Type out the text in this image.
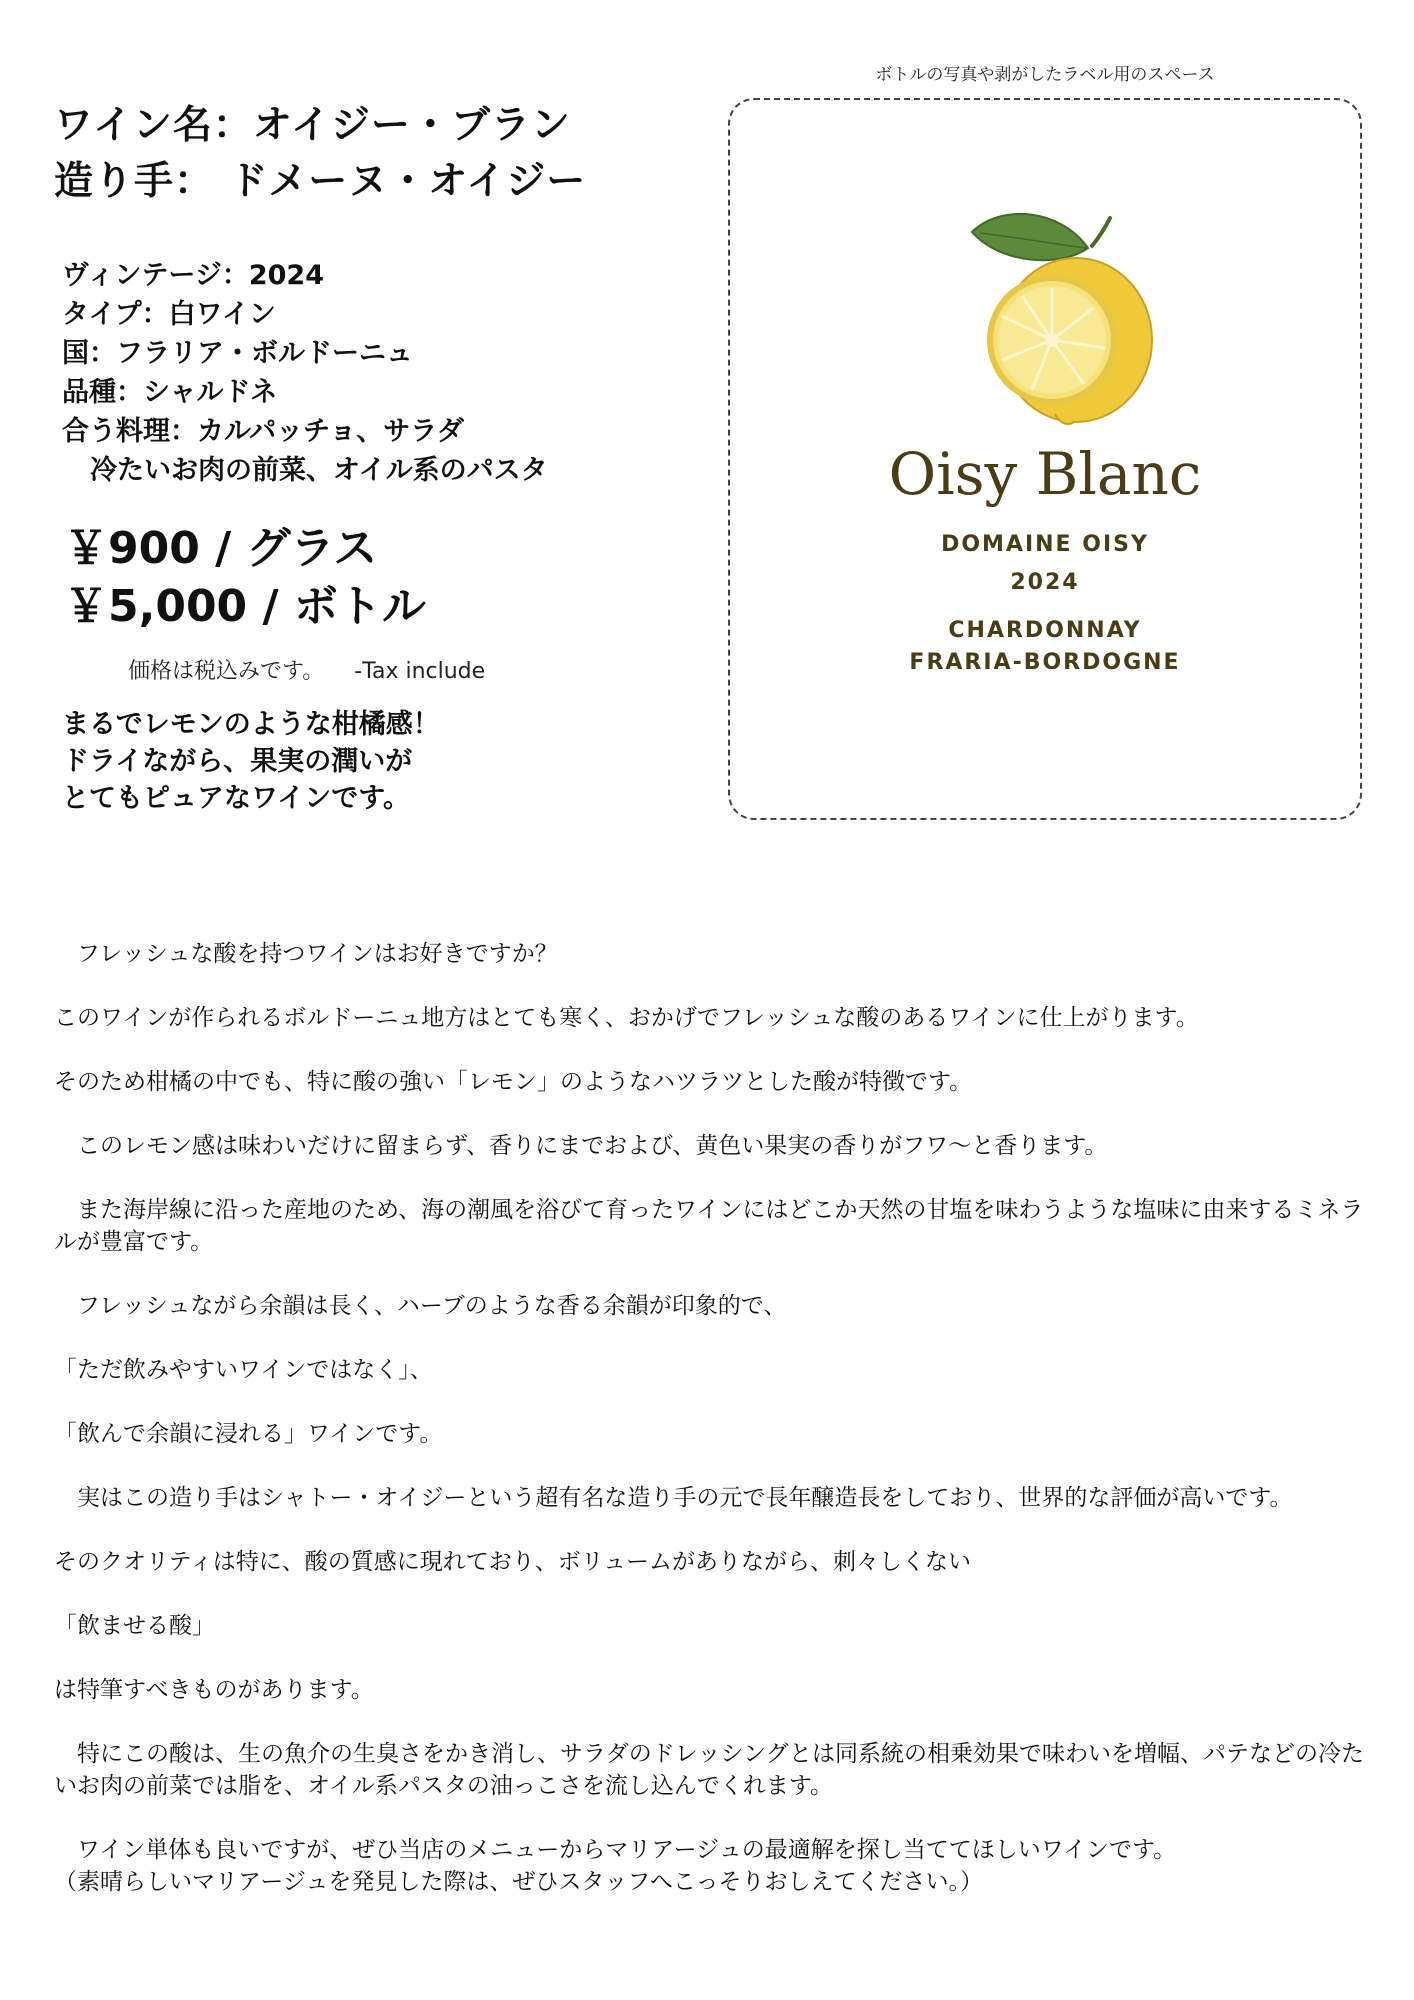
ワイン名：オイジー・ブラン
造り手： ドメーヌ・オイジー
ヴィンテージ：2024
タイプ：白ワイン
国：フラリア・ボルドーニュ
品種：シャルドネ
合う料理：カルパッチョ、サラダ
冷たいお肉の前菜、オイル系のパスタ
￥900 / グラス
￥5,000 / ボトル
価格は税込みです。 -Tax include
まるでレモンのような柑橘感！
ドライながら、果実の潤いが
とてもピュアなワインです。
ボトルの写真や剥がしたラベル用のスペース
Oisy Blanc
DOMAINE OISY
2024
CHARDONNAY
FRARIA-BORDOGNE

　フレッシュな酸を持つワインはお好きですか？

このワインが作られるボルドーニュ地方はとても寒く、おかげでフレッシュな酸のあるワインに仕上がります。

そのため柑橘の中でも、特に酸の強い「レモン」のようなハツラツとした酸が特徴です。

　このレモン感は味わいだけに留まらず、香りにまでおよび、黄色い果実の香りがフワ〜と香ります。

　また海岸線に沿った産地のため、海の潮風を浴びて育ったワインにはどこか天然の甘塩を味わうような塩味に由来するミネラルが豊富です。

　フレッシュながら余韻は長く、ハーブのような香る余韻が印象的で、

「ただ飲みやすいワインではなく」、

「飲んで余韻に浸れる」ワインです。

　実はこの造り手はシャトー・オイジーという超有名な造り手の元で長年醸造長をしており、世界的な評価が高いです。

そのクオリティは特に、酸の質感に現れており、ボリュームがありながら、刺々しくない

「飲ませる酸」

は特筆すべきものがあります。

　特にこの酸は、生の魚介の生臭さをかき消し、サラダのドレッシングとは同系統の相乗効果で味わいを増幅、パテなどの冷たいお肉の前菜では脂を、オイル系パスタの油っこさを流し込んでくれます。

　ワイン単体も良いですが、ぜひ当店のメニューからマリアージュの最適解を探し当ててほしいワインです。

（素晴らしいマリアージュを発見した際は、ぜひスタッフへこっそりおしえてください。）
